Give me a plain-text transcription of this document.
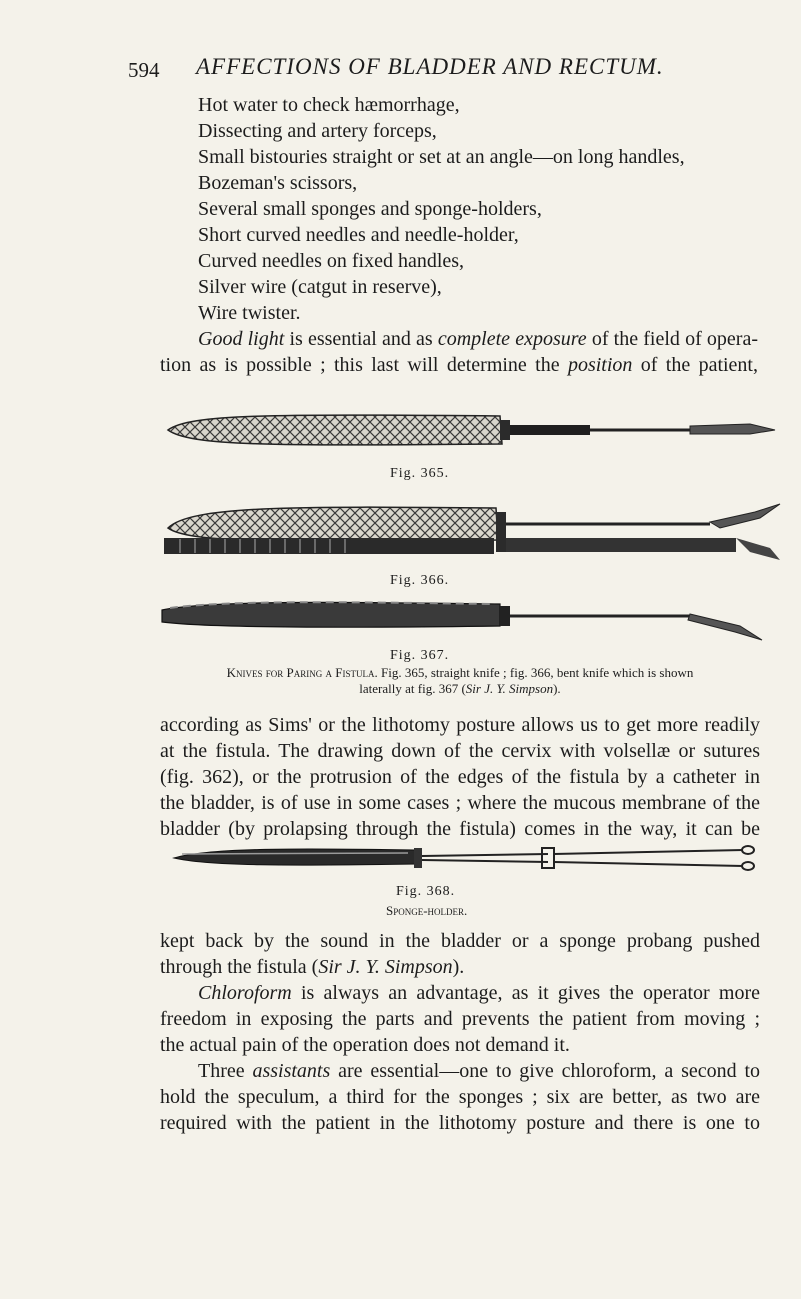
594 AFFECTIONS OF BLADDER AND RECTUM.
Hot water to check hæmorrhage,
Dissecting and artery forceps,
Small bistouries straight or set at an angle—on long handles,
Bozeman's scissors,
Several small sponges and sponge-holders,
Short curved needles and needle-holder,
Curved needles on fixed handles,
Silver wire (catgut in reserve),
Wire twister.
Good light is essential and as complete exposure of the field of opera-
tion as is possible ; this last will determine the position of the patient,
Fig. 365.
Fig. 366.
Fig. 367.
Knives for Paring a Fistula. Fig. 365, straight knife ; fig. 366, bent knife which is shown
laterally at fig. 367 (Sir J. Y. Simpson).
according as Sims' or the lithotomy posture allows us to get more readily
at the fistula. The drawing down of the cervix with volsellæ or sutures
(fig. 362), or the protrusion of the edges of the fistula by a catheter in
the bladder, is of use in some cases ; where the mucous membrane of the
bladder (by prolapsing through the fistula) comes in the way, it can be
Fig. 368.
Sponge-holder.
kept back by the sound in the bladder or a sponge probang pushed
through the fistula (Sir J. Y. Simpson).
Chloroform is always an advantage, as it gives the operator more
freedom in exposing the parts and prevents the patient from moving ;
the actual pain of the operation does not demand it.
Three assistants are essential—one to give chloroform, a second to
hold the speculum, a third for the sponges ; six are better, as two are
required with the patient in the lithotomy posture and there is one to
